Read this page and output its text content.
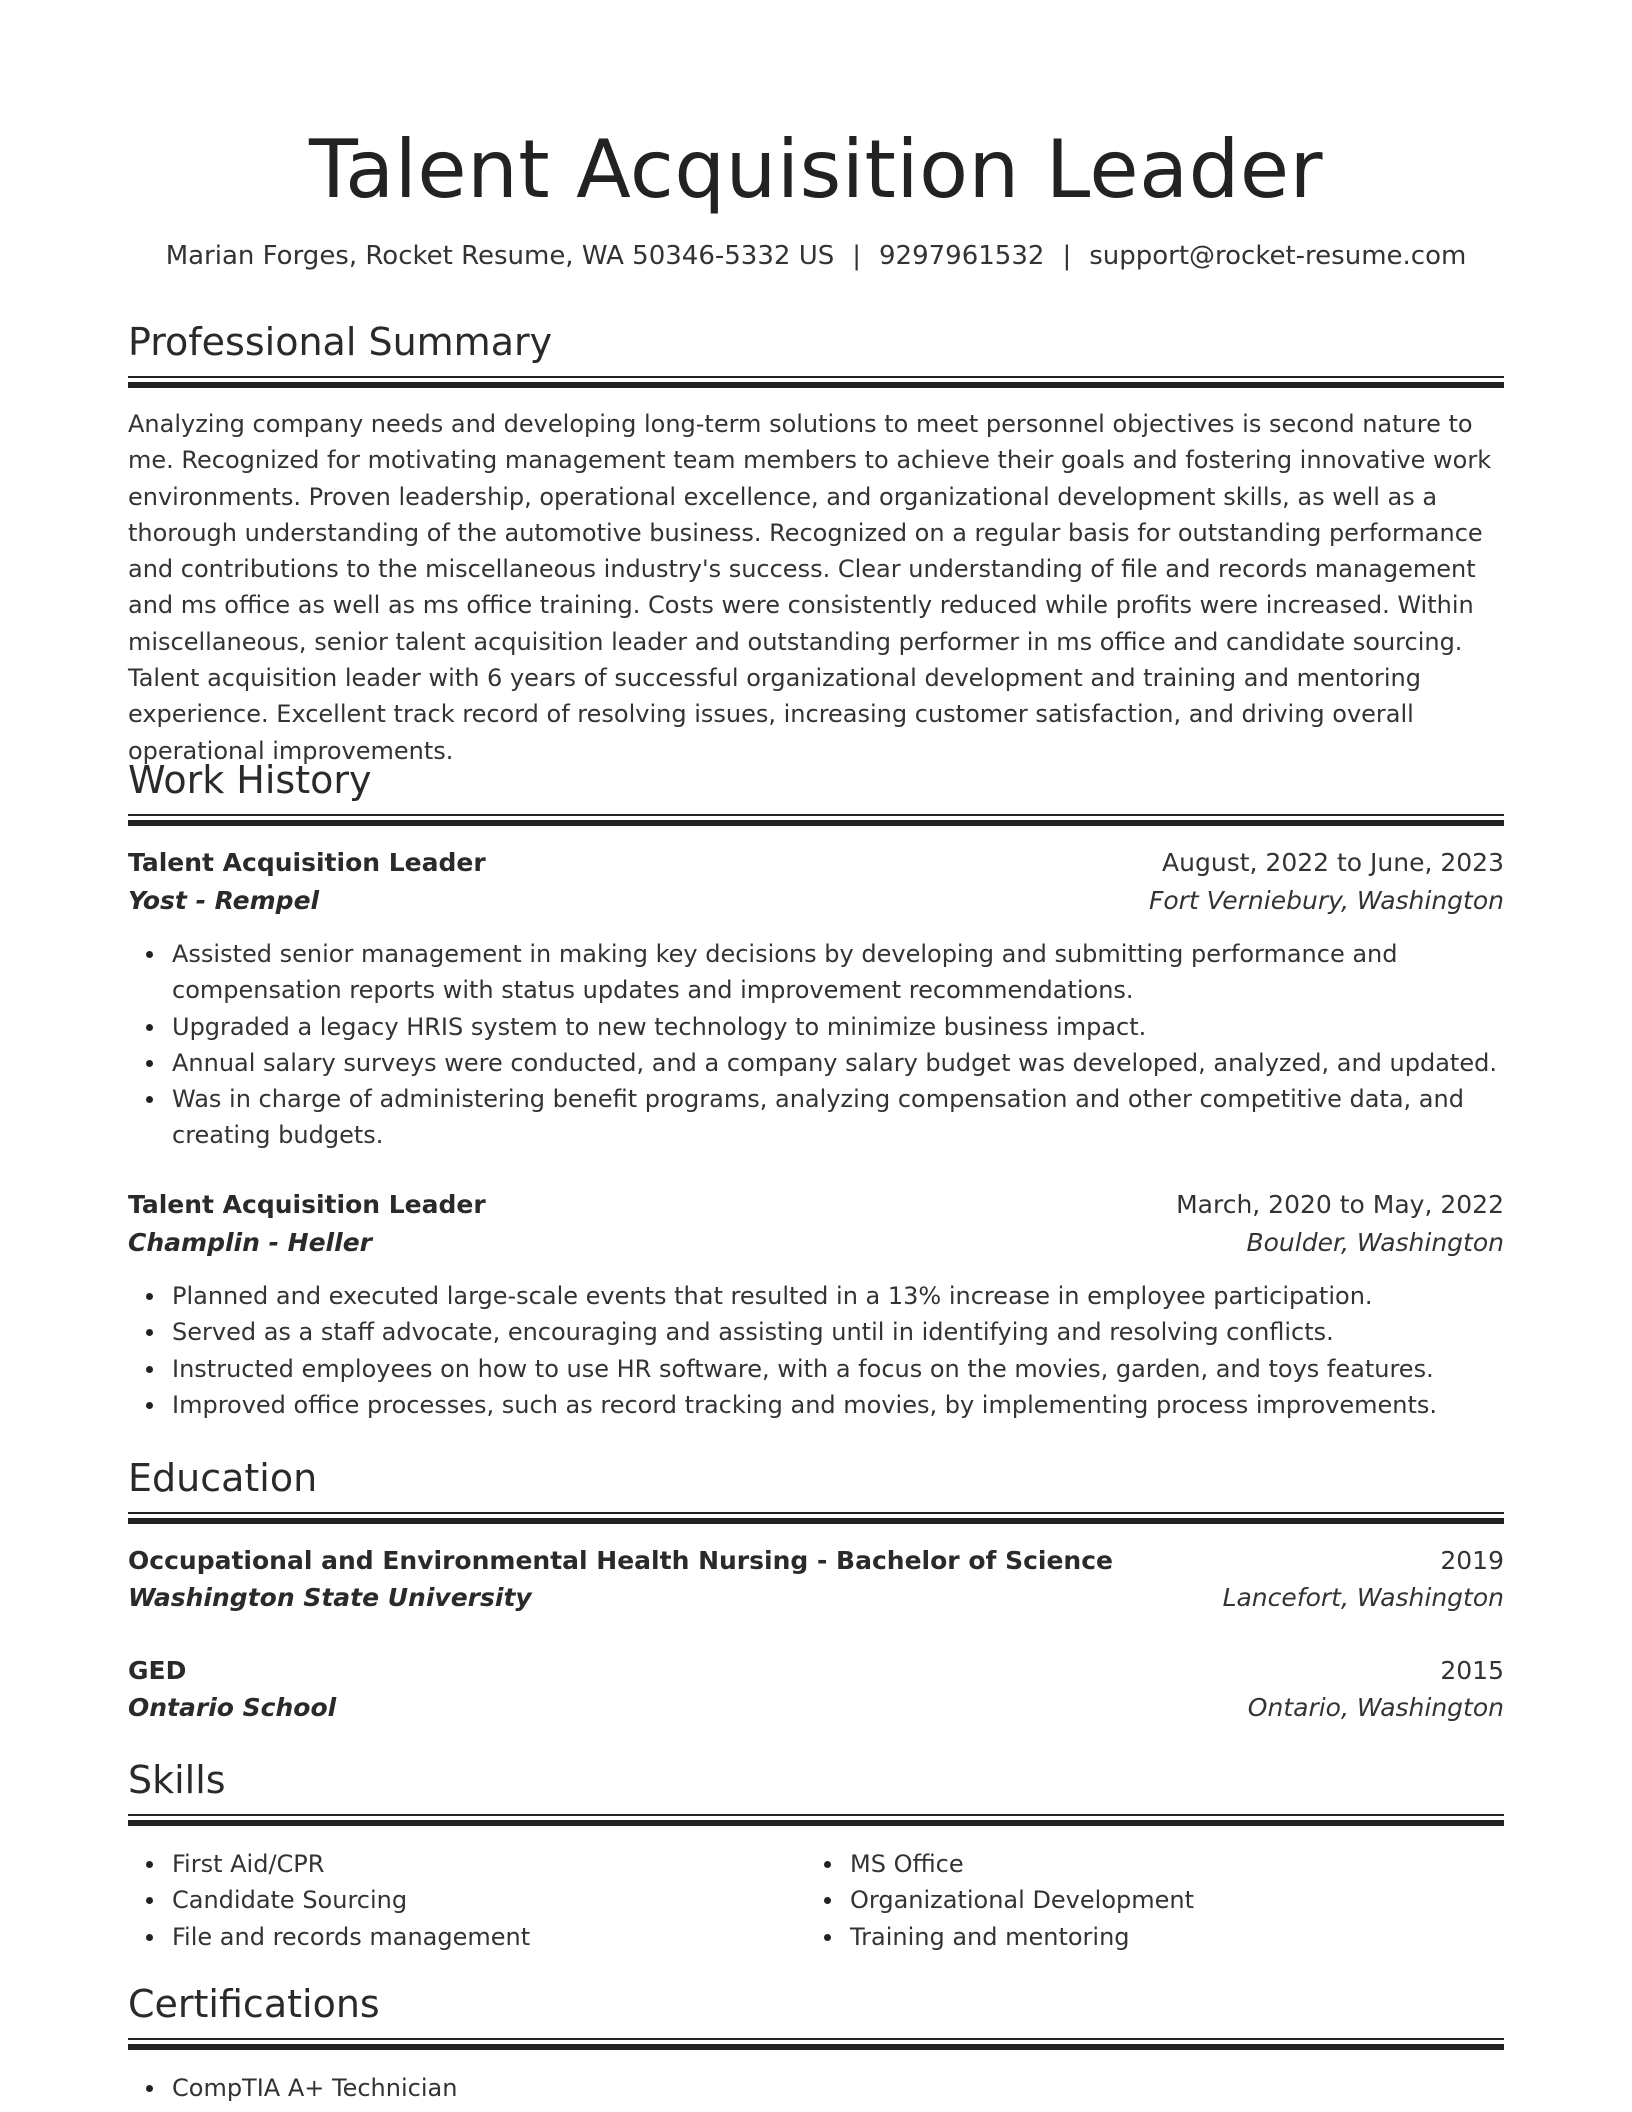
Talent Acquisition Leader
Marian Forges, Rocket Resume, WA 50346-5332 US | 9297961532 | support@rocket-resume.com
Professional Summary

Analyzing company needs and developing long-term solutions to meet personnel objectives is second nature to me. Recognized for motivating management team members to achieve their goals and fostering innovative work environments. Proven leadership, operational excellence, and organizational development skills, as well as a thorough understanding of the automotive business. Recognized on a regular basis for outstanding performance and contributions to the miscellaneous industry's success. Clear understanding of file and records management and ms office as well as ms office training. Costs were consistently reduced while profits were increased. Within miscellaneous, senior talent acquisition leader and outstanding performer in ms office and candidate sourcing. Talent acquisition leader with 6 years of successful organizational development and training and mentoring experience. Excellent track record of resolving issues, increasing customer satisfaction, and driving overall operational improvements.

Work History
Talent Acquisition Leader	August, 2022 to June, 2023
Yost - Rempel	Fort Verniebury, Washington
Assisted senior management in making key decisions by developing and submitting performance and compensation reports with status updates and improvement recommendations.
Upgraded a legacy HRIS system to new technology to minimize business impact.
Annual salary surveys were conducted, and a company salary budget was developed, analyzed, and updated.
Was in charge of administering benefit programs, analyzing compensation and other competitive data, and creating budgets.
Talent Acquisition Leader	March, 2020 to May, 2022
Champlin - Heller	Boulder, Washington
Planned and executed large-scale events that resulted in a 13% increase in employee participation.
Served as a staff advocate, encouraging and assisting until in identifying and resolving conflicts.
Instructed employees on how to use HR software, with a focus on the movies, garden, and toys features.
Improved office processes, such as record tracking and movies, by implementing process improvements.
Education
Occupational and Environmental Health Nursing - Bachelor of Science	2019
Washington State University	Lancefort, Washington
GED	2015
Ontario School	Ontario, Washington
Skills
First Aid/CPR
Candidate Sourcing
File and records management
MS Office
Organizational Development
Training and mentoring
Certifications
CompTIA A+ Technician
